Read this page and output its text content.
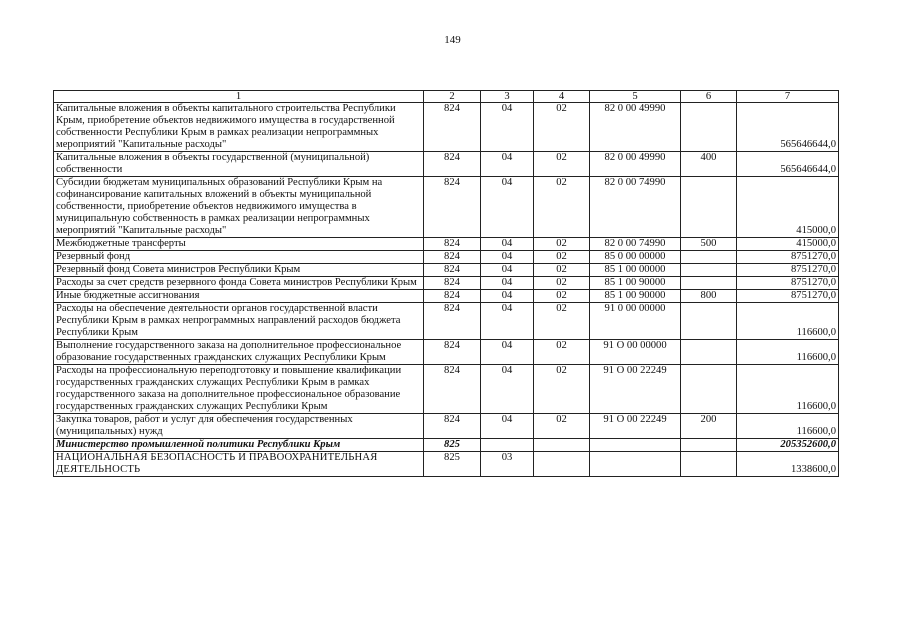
149
1	2	3	4	5	6	7
Капитальные вложения в объекты капитального строительства Республики Крым, приобретение объектов недвижимого имущества в государственной собственности Республики Крым в рамках реализации непрограммных мероприятий "Капитальные расходы"	824	04	02	82 0 00 49990		565646644,0
Капитальные вложения в объекты государственной (муниципальной) собственности	824	04	02	82 0 00 49990	400	565646644,0
Субсидии бюджетам муниципальных образований Республики Крым на софинансирование капитальных вложений в объекты муниципальной собственности, приобретение объектов недвижимого имущества в муниципальную собственность в рамках реализации непрограммных мероприятий "Капитальные расходы"	824	04	02	82 0 00 74990		415000,0
Межбюджетные трансферты	824	04	02	82 0 00 74990	500	415000,0
Резервный фонд	824	04	02	85 0 00 00000		8751270,0
Резервный фонд Совета министров Республики Крым	824	04	02	85 1 00 00000		8751270,0
Расходы за счет средств резервного фонда Совета министров Республики Крым	824	04	02	85 1 00 90000		8751270,0
Иные бюджетные ассигнования	824	04	02	85 1 00 90000	800	8751270,0
Расходы на обеспечение деятельности органов государственной власти Республики Крым в рамках непрограммных направлений расходов бюджета Республики Крым	824	04	02	91 0 00 00000		116600,0
Выполнение государственного заказа на дополнительное профессиональное образование государственных гражданских служащих Республики Крым	824	04	02	91 О 00 00000		116600,0
Расходы на профессиональную переподготовку и повышение квалификации государственных гражданских служащих Республики Крым в рамках государственного заказа на дополнительное профессиональное образование государственных гражданских служащих Республики Крым	824	04	02	91 О 00 22249		116600,0
Закупка товаров, работ и услуг для обеспечения государственных (муниципальных) нужд	824	04	02	91 О 00 22249	200	116600,0
Министерство промышленной политики Республики Крым	825					205352600,0
НАЦИОНАЛЬНАЯ БЕЗОПАСНОСТЬ И ПРАВООХРАНИТЕЛЬНАЯ ДЕЯТЕЛЬНОСТЬ	825	03				1338600,0
